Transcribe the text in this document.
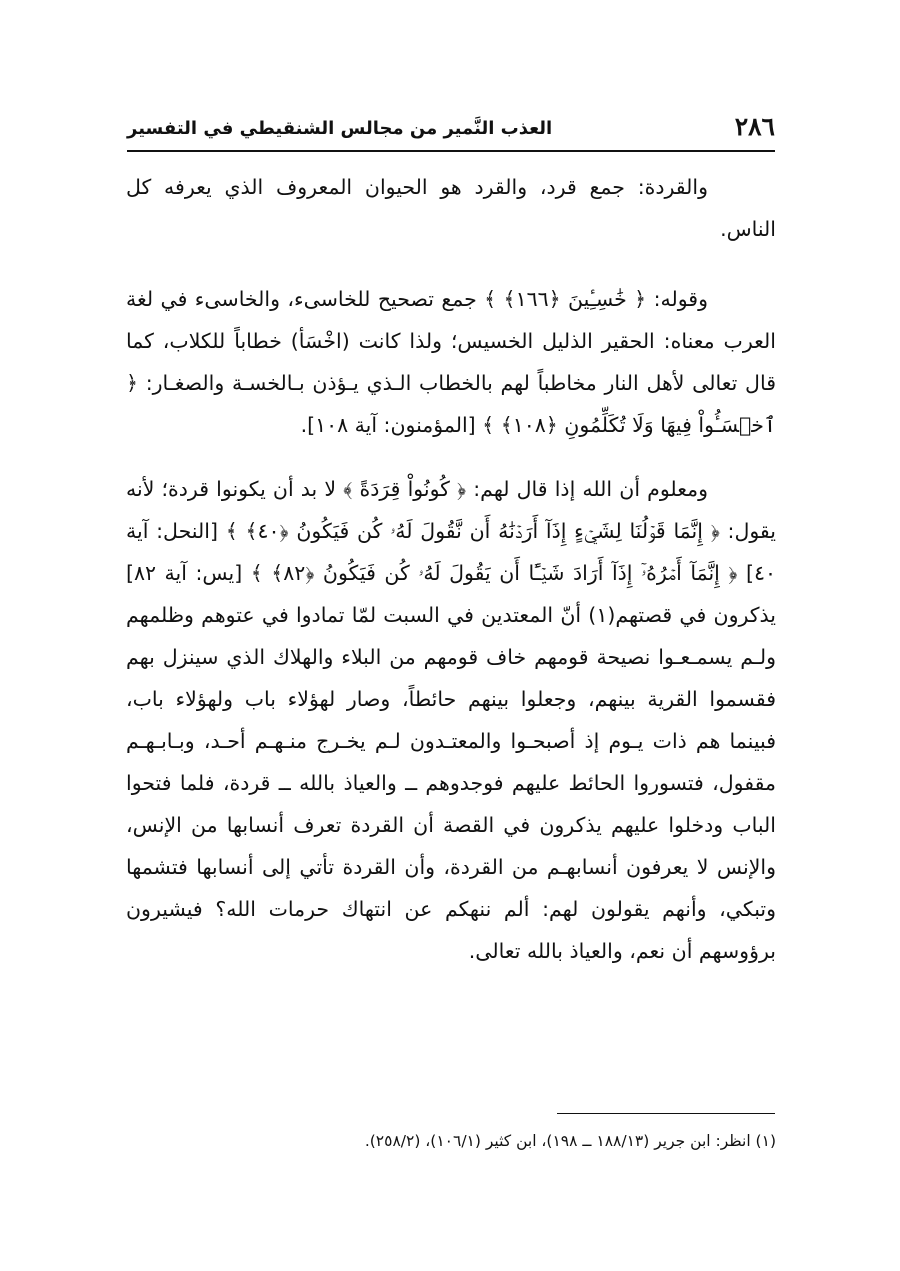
٢٨٦
العذب النَّمير من مجالس الشنقيطي في التفسير

والقردة: جمع قرد، والقرد هو الحيوان المعروف الذي يعرفه كل الناس.

وقوله: ﴿ خَٰسِـِٔينَ ﴿١٦٦﴾ ﴾ جمع تصحيح للخاسىء، والخاسىء في لغة العرب معناه: الحقير الذليل الخسيس؛ ولذا كانت (اخْسَأ) خطاباً للكلاب، كما قال تعالى لأهل النار مخاطباً لهم بالخطاب الـذي يـؤذن بـالخسـة والصغـار: ﴿ ٱخۡسَـُٔواْ فِيهَا وَلَا تُكَلِّمُونِ ﴿١٠٨﴾ ﴾ [المؤمنون: آية ١٠٨].

ومعلوم أن الله إذا قال لهم: ﴿ كُونُواْ قِرَدَةً ﴾ لا بد أن يكونوا قردة؛ لأنه يقول: ﴿ إِنَّمَا قَوۡلُنَا لِشَيۡءٍ إِذَآ أَرَدۡنَٰهُ أَن نَّقُولَ لَهُۥ كُن فَيَكُونُ ﴿٤٠﴾ ﴾ [النحل: آية ٤٠] ﴿ إِنَّمَآ أَمۡرُهُۥٓ إِذَآ أَرَادَ شَيۡـًٔا أَن يَقُولَ لَهُۥ كُن فَيَكُونُ ﴿٨٢﴾ ﴾ [يس: آية ٨٢] يذكرون في قصتهم(١) أنّ المعتدين في السبت لمّا تمادوا في عتوهم وظلمهم ولـم يسمـعـوا نصيحة قومهم خاف قومهم من البلاء والهلاك الذي سينزل بهم فقسموا القرية بينهم، وجعلوا بينهم حائطاً، وصار لهؤلاء باب ولهؤلاء باب، فبينما هم ذات يـوم إذ أصبحـوا والمعتـدون لـم يخـرج منـهـم أحـد، وبـابـهـم مقفول، فتسوروا الحائط عليهم فوجدوهم ــ والعياذ بالله ــ قردة، فلما فتحوا الباب ودخلوا عليهم يذكرون في القصة أن القردة تعرف أنسابها من الإنس، والإنس لا يعرفون أنسابهـم من القردة، وأن القردة تأتي إلى أنسابها فتشمها وتبكي، وأنهم يقولون لهم: ألم ننهكم عن انتهاك حرمات الله؟ فيشيرون برؤوسهم أن نعم، والعياذ بالله تعالى.

(١) انظر: ابن جرير (١٨٨/١٣ ــ ١٩٨)، ابن كثير (١٠٦/١)، (٢٥٨/٢).
